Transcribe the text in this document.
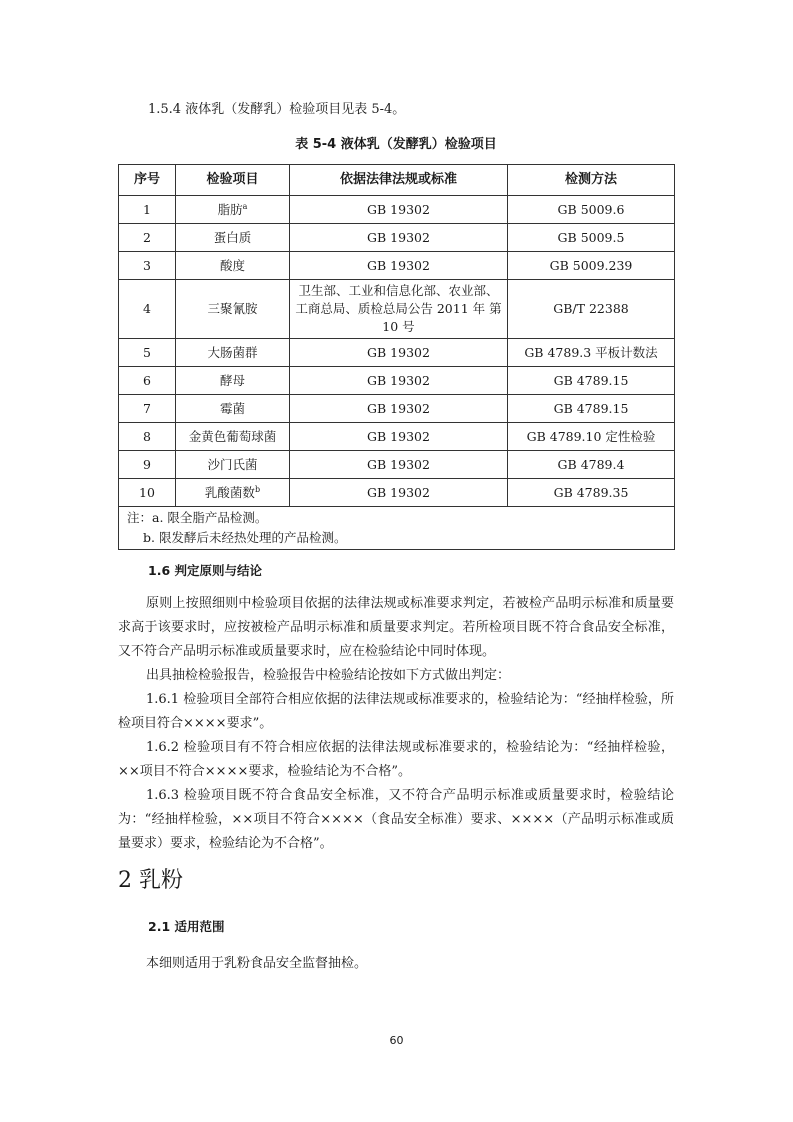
1.5.4 液体乳（发酵乳）检验项目见表 5-4。

表 5-4 液体乳（发酵乳）检验项目

序号	检验项目	依据法律法规或标准	检测方法
1	脂肪$^a$	GB 19302	GB 5009.6
2	蛋白质	GB 19302	GB 5009.5
3	酸度	GB 19302	GB 5009.239
4	三聚氰胺	卫生部、工业和信息化部、农业部、工商总局、质检总局公告 2011 年 第 10 号	GB/T 22388
5	大肠菌群	GB 19302	GB 4789.3 平板计数法
6	酵母	GB 19302	GB 4789.15
7	霉菌	GB 19302	GB 4789.15
8	金黄色葡萄球菌	GB 19302	GB 4789.10 定性检验
9	沙门氏菌	GB 19302	GB 4789.4
10	乳酸菌数$^b$	GB 19302	GB 4789.35

注：a. 限全脂产品检测。
b. 限发酵后未经热处理的产品检测。			

1.6 判定原则与结论

原则上按照细则中检验项目依据的法律法规或标准要求判定，若被检产品明示标准和质量要求高于该要求时，应按被检产品明示标准和质量要求判定。若所检项目既不符合食品安全标准，又不符合产品明示标准或质量要求时，应在检验结论中同时体现。

出具抽检检验报告，检验报告中检验结论按如下方式做出判定：

1.6.1 检验项目全部符合相应依据的法律法规或标准要求的，检验结论为：“经抽样检验，所检项目符合××××要求”。

1.6.2 检验项目有不符合相应依据的法律法规或标准要求的，检验结论为：“经抽样检验，××项目不符合××××要求，检验结论为不合格”。

1.6.3 检验项目既不符合食品安全标准，又不符合产品明示标准或质量要求时，检验结论为：“经抽样检验，××项目不符合××××（食品安全标准）要求、××××（产品明示标准或质量要求）要求，检验结论为不合格”。

2 乳粉

2.1 适用范围

本细则适用于乳粉食品安全监督抽检。

60
